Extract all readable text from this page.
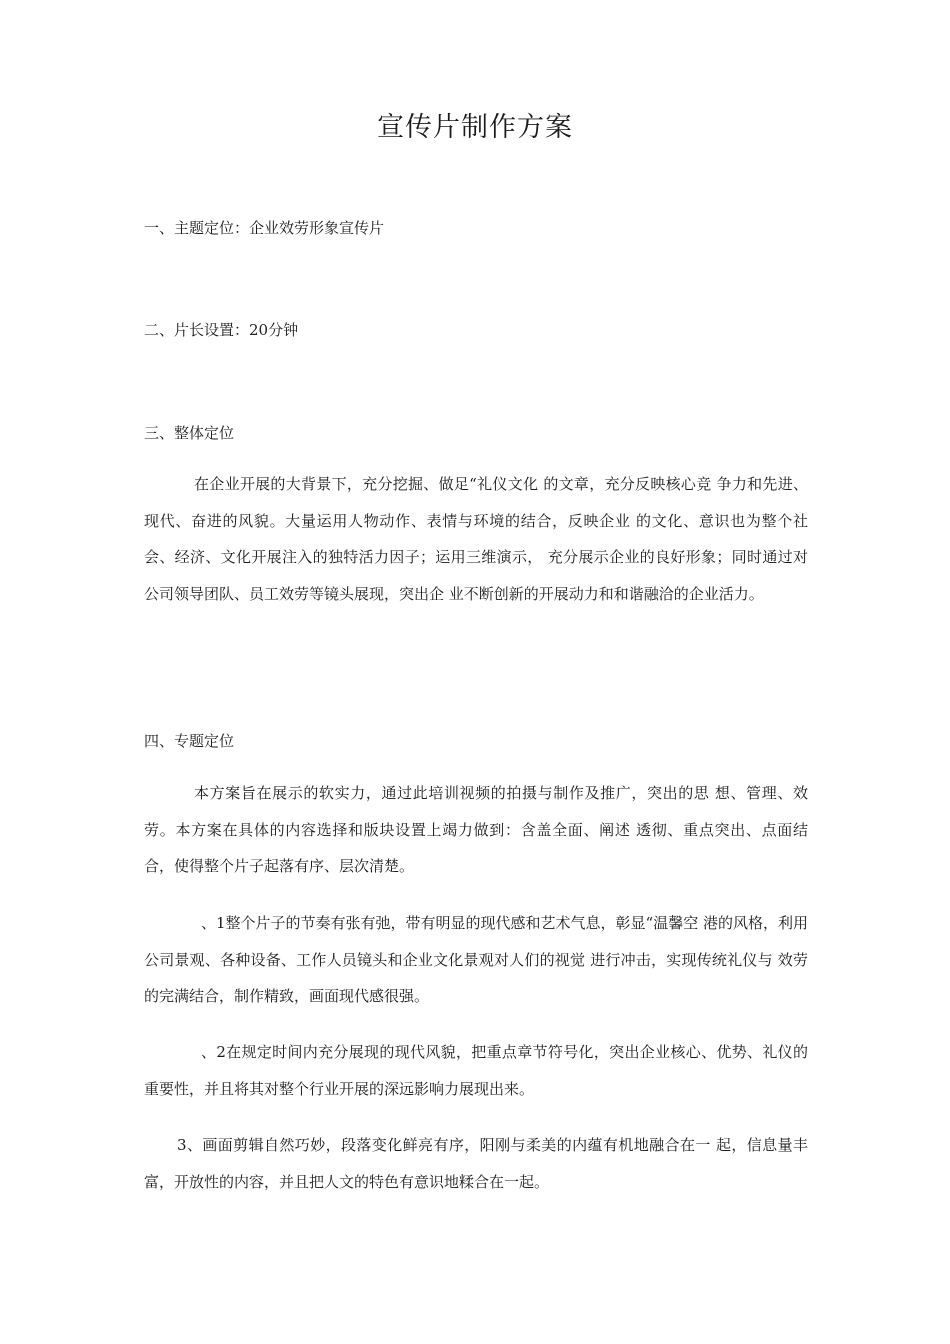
宣传片制作方案
一、主题定位：企业效劳形象宣传片
二、片长设置：20分钟
三、整体定位

在企业开展的大背景下，充分挖掘、做足“礼仪文化 的文章，充分反映核心竞 争力和先进、现代、奋进的风貌。大量运用人物动作、表情与环境的结合，反映企业 的文化、意识也为整个社会、经济、文化开展注入的独特活力因子；运用三维演示， 充分展示企业的良好形象；同时通过对公司领导团队、员工效劳等镜头展现，突出企 业不断创新的开展动力和和谐融洽的企业活力。

四、专题定位

本方案旨在展示的软实力，通过此培训视频的拍摄与制作及推广，突出的思 想、管理、效劳。本方案在具体的内容选择和版块设置上竭力做到：含盖全面、阐述 透彻、重点突出、点面结合，使得整个片子起落有序、层次清楚。

、1整个片子的节奏有张有弛，带有明显的现代感和艺术气息，彰显“温馨空 港的风格，利用公司景观、各种设备、工作人员镜头和企业文化景观对人们的视觉 进行冲击，实现传统礼仪与 效劳的完满结合，制作精致，画面现代感很强。

、2在规定时间内充分展现的现代风貌，把重点章节符号化，突出企业核心、优势、礼仪的重要性，并且将其对整个行业开展的深远影响力展现出来。

3、画面剪辑自然巧妙，段落变化鲜亮有序，阳刚与柔美的内蕴有机地融合在一 起，信息量丰富，开放性的内容，并且把人文的特色有意识地糅合在一起。
